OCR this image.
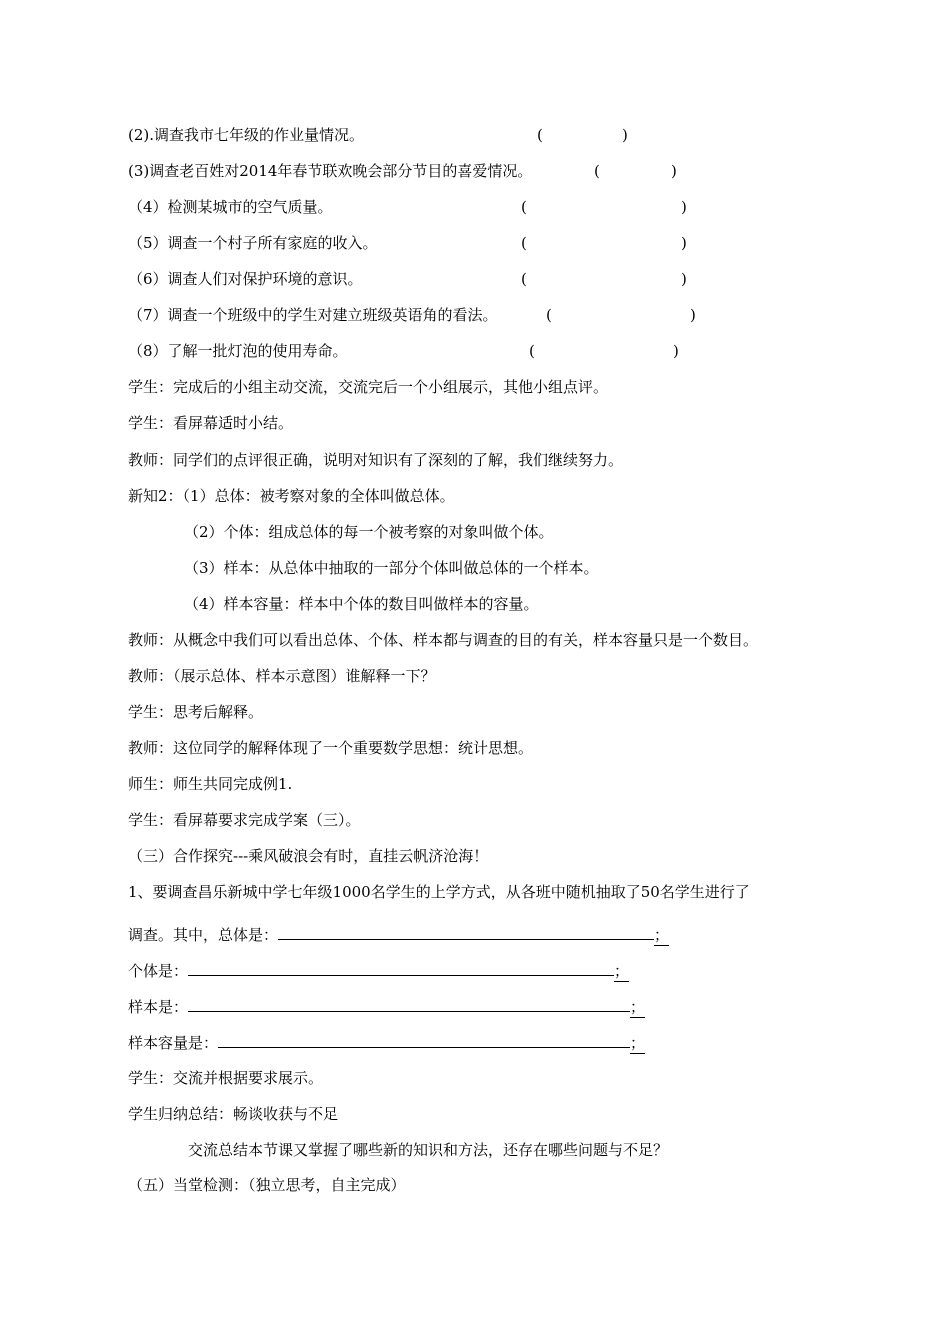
(2).调查我市七年级的作业量情况。	(	)
(3)调查老百姓对2014年春节联欢晚会部分节目的喜爱情况。	(	)
（4）检测某城市的空气质量。	(	)
（5）调查一个村子所有家庭的收入。	(	)
（6）调查人们对保护环境的意识。	(	)
（7）调查一个班级中的学生对建立班级英语角的看法。	(	)
（8）了解一批灯泡的使用寿命。	(	)
学生：完成后的小组主动交流，交流完后一个小组展示，其他小组点评。
学生：看屏幕适时小结。
教师：同学们的点评很正确，说明对知识有了深刻的了解，我们继续努力。
新知2：（1）总体：被考察对象的全体叫做总体。
（2）个体：组成总体的每一个被考察的对象叫做个体。
（3）样本：从总体中抽取的一部分个体叫做总体的一个样本。
（4）样本容量：样本中个体的数目叫做样本的容量。
教师：从概念中我们可以看出总体、个体、样本都与调查的目的有关，样本容量只是一个数目。
教师：（展示总体、样本示意图）谁解释一下？
学生：思考后解释。
教师：这位同学的解释体现了一个重要数学思想：统计思想。
师生：师生共同完成例1.
学生：看屏幕要求完成学案（三）。
（三）合作探究---乘风破浪会有时，直挂云帆济沧海！
1、要调查昌乐新城中学七年级1000名学生的上学方式，从各班中随机抽取了50名学生进行了
调查。其中，总体是：	；
个体是：	；
样本是：	；
样本容量是：	；
学生：交流并根据要求展示。
学生归纳总结：畅谈收获与不足
交流总结本节课又掌握了哪些新的知识和方法，还存在哪些问题与不足？
（五）当堂检测：（独立思考，自主完成）
